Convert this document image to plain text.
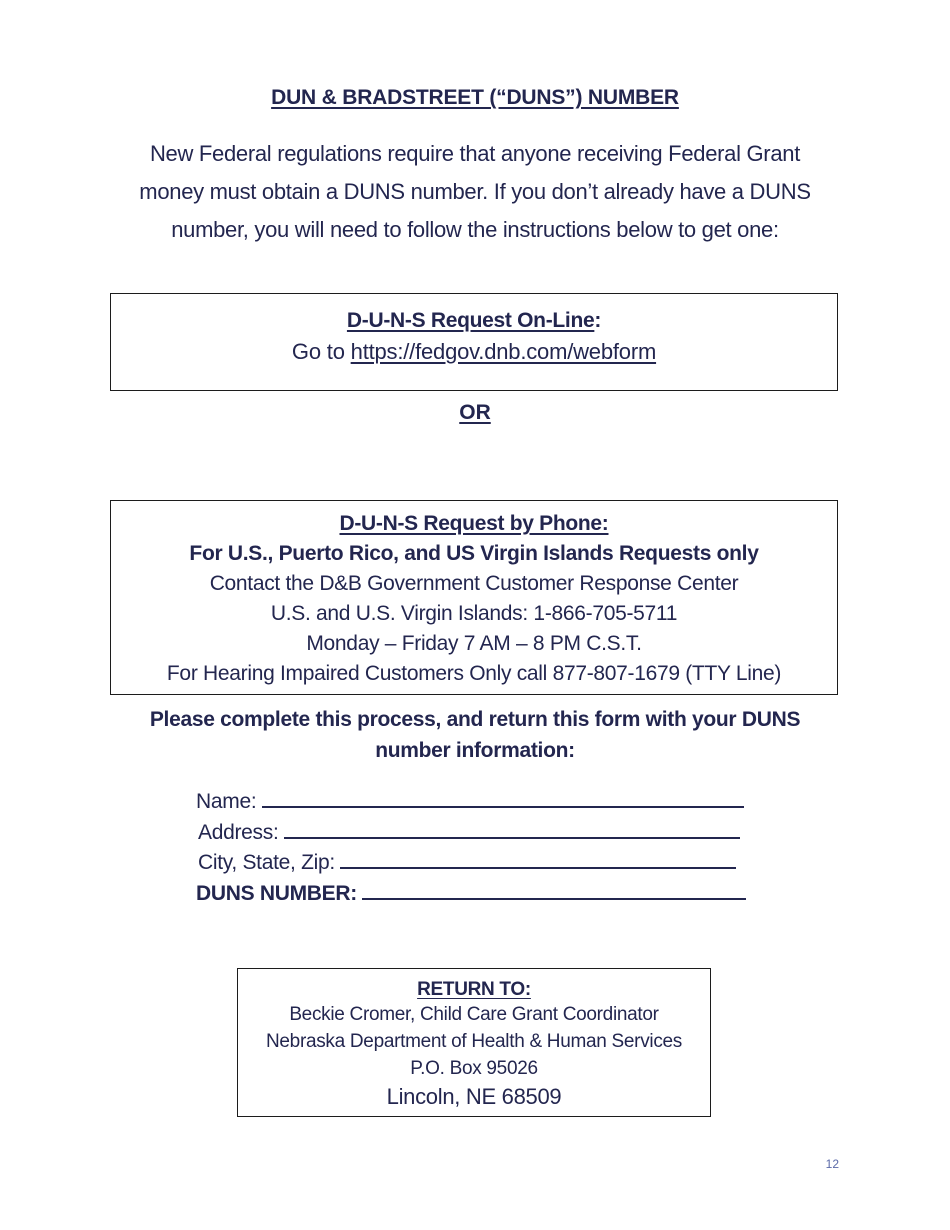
DUN & BRADSTREET (“DUNS”) NUMBER
New Federal regulations require that anyone receiving Federal Grant
money must obtain a DUNS number. If you don’t already have a DUNS
number, you will need to follow the instructions below to get one:
D-U-N-S Request On-Line:
Go to https://fedgov.dnb.com/webform
OR
D-U-N-S Request by Phone:
For U.S., Puerto Rico, and US Virgin Islands Requests only
Contact the D&B Government Customer Response Center
U.S. and U.S. Virgin Islands: 1-866-705-5711
Monday – Friday 7 AM – 8 PM C.S.T.
For Hearing Impaired Customers Only call 877-807-1679 (TTY Line)
Please complete this process, and return this form with your DUNS
number information:
Name:
Address:
City, State, Zip:
DUNS NUMBER:
RETURN TO:
Beckie Cromer, Child Care Grant Coordinator
Nebraska Department of Health & Human Services
P.O. Box 95026
Lincoln, NE 68509
12
